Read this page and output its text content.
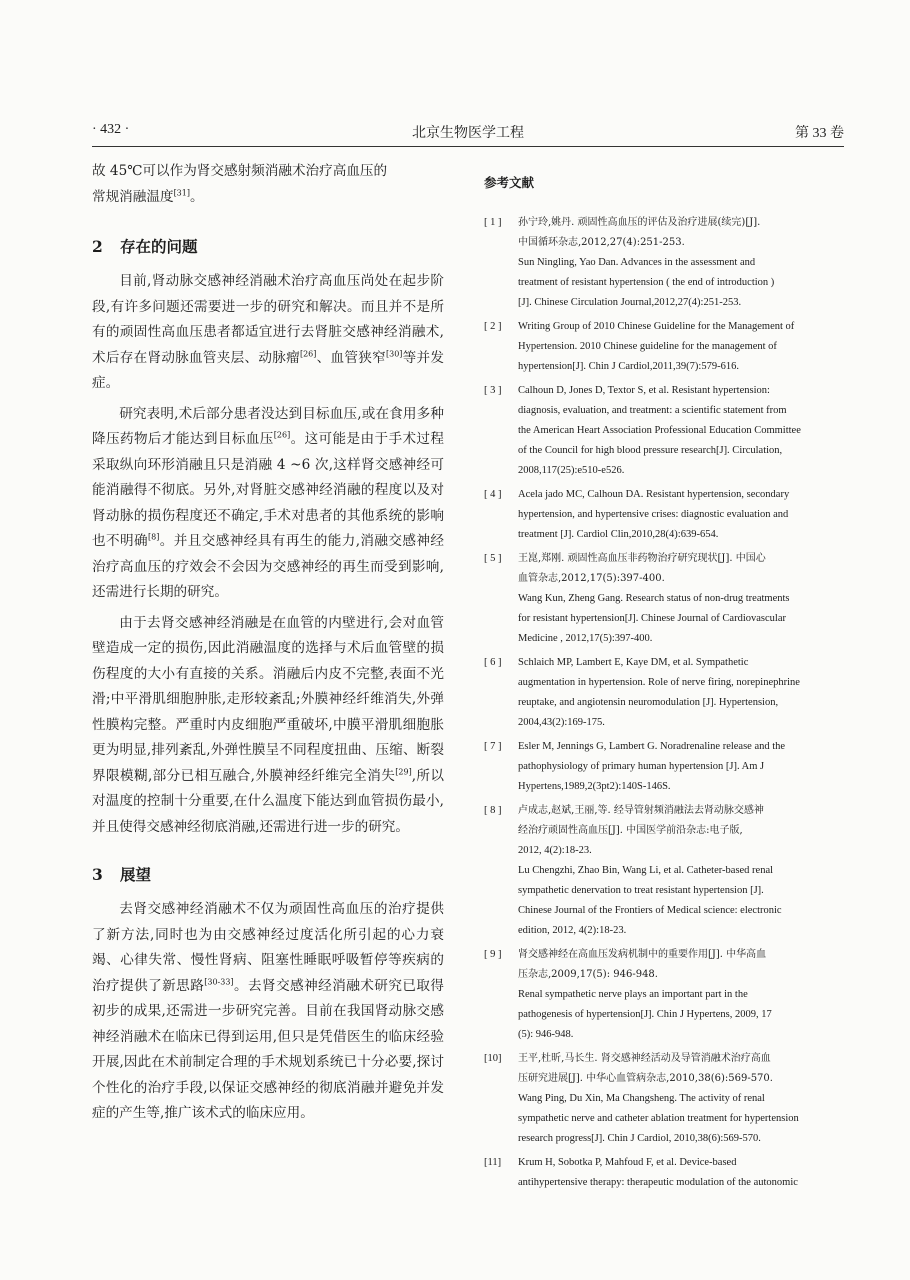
· 432 ·	北京生物医学工程	第 33 卷

故 45℃可以作为肾交感射频消融术治疗高血压的
常规消融温度[31]。

2 存在的问题

目前,肾动脉交感神经消融术治疗高血压尚处在起步阶段,有许多问题还需要进一步的研究和解决。而且并不是所有的顽固性高血压患者都适宜进行去肾脏交感神经消融术,术后存在肾动脉血管夹层、动脉瘤[26]、血管狭窄[30]等并发症。

研究表明,术后部分患者没达到目标血压,或在食用多种降压药物后才能达到目标血压[26]。这可能是由于手术过程采取纵向环形消融且只是消融 4 ~6 次,这样肾交感神经可能消融得不彻底。另外,对肾脏交感神经消融的程度以及对肾动脉的损伤程度还不确定,手术对患者的其他系统的影响也不明确[8]。并且交感神经具有再生的能力,消融交感神经治疗高血压的疗效会不会因为交感神经的再生而受到影响,还需进行长期的研究。

由于去肾交感神经消融是在血管的内壁进行,会对血管壁造成一定的损伤,因此消融温度的选择与术后血管壁的损伤程度的大小有直接的关系。消融后内皮不完整,表面不光滑;中平滑肌细胞肿胀,走形较紊乱;外膜神经纤维消失,外弹性膜构完整。严重时内皮细胞严重破坏,中膜平滑肌细胞胀更为明显,排列紊乱,外弹性膜呈不同程度扭曲、压缩、断裂界限模糊,部分已相互融合,外膜神经纤维完全消失[29],所以对温度的控制十分重要,在什么温度下能达到血管损伤最小,并且使得交感神经彻底消融,还需进行进一步的研究。

3 展望

去肾交感神经消融术不仅为顽固性高血压的治疗提供了新方法,同时也为由交感神经过度活化所引起的心力衰竭、心律失常、慢性肾病、阻塞性睡眠呼吸暂停等疾病的治疗提供了新思路[30-33]。去肾交感神经消融术研究已取得初步的成果,还需进一步研究完善。目前在我国肾动脉交感神经消融术在临床已得到运用,但只是凭借医生的临床经验开展,因此在术前制定合理的手术规划系统已十分必要,探讨个性化的治疗手段,以保证交感神经的彻底消融并避免并发症的产生等,推广该术式的临床应用。

参考文献
[ 1 ] 孙宁玲,姚丹. 顽固性高血压的评估及治疗进展(续完)[J].
中国循环杂志,2012,27(4):251-253.
Sun Ningling, Yao Dan. Advances in the assessment and
treatment of resistant hypertension ( the end of introduction )
[J]. Chinese Circulation Journal,2012,27(4):251-253.
[ 2 ] Writing Group of 2010 Chinese Guideline for the Management of
Hypertension. 2010 Chinese guideline for the management of
hypertension[J]. Chin J Cardiol,2011,39(7):579-616.
[ 3 ] Calhoun D, Jones D, Textor S, et al. Resistant hypertension:
diagnosis, evaluation, and treatment: a scientific statement from
the American Heart Association Professional Education Committee
of the Council for high blood pressure research[J]. Circulation,
2008,117(25):e510-e526.
[ 4 ] Acela jado MC, Calhoun DA. Resistant hypertension, secondary
hypertension, and hypertensive crises: diagnostic evaluation and
treatment [J]. Cardiol Clin,2010,28(4):639-654.
[ 5 ] 王崑,郑刚. 顽固性高血压非药物治疗研究现状[J]. 中国心
血管杂志,2012,17(5):397-400.
Wang Kun, Zheng Gang. Research status of non-drug treatments
for resistant hypertension[J]. Chinese Journal of Cardiovascular
Medicine , 2012,17(5):397-400.
[ 6 ] Schlaich MP, Lambert E, Kaye DM, et al. Sympathetic
augmentation in hypertension. Role of nerve firing, norepinephrine
reuptake, and angiotensin neuromodulation [J]. Hypertension,
2004,43(2):169-175.
[ 7 ] Esler M, Jennings G, Lambert G. Noradrenaline release and the
pathophysiology of primary human hypertension [J]. Am J
Hypertens,1989,2(3pt2):140S-146S.
[ 8 ] 卢成志,赵斌,王丽,等. 经导管射频消融法去肾动脉交感神
经治疗顽固性高血压[J]. 中国医学前沿杂志:电子版,
2012, 4(2):18-23.
Lu Chengzhi, Zhao Bin, Wang Li, et al. Catheter-based renal
sympathetic denervation to treat resistant hypertension [J].
Chinese Journal of the Frontiers of Medical science: electronic
edition, 2012, 4(2):18-23.
[ 9 ] 肾交感神经在高血压发病机制中的重要作用[J]. 中华高血
压杂志,2009,17(5): 946-948.
Renal sympathetic nerve plays an important part in the
pathogenesis of hypertension[J]. Chin J Hypertens, 2009, 17
(5): 946-948.
[10] 王平,杜昕,马长生. 肾交感神经活动及导管消融术治疗高血
压研究进展[J]. 中华心血管病杂志,2010,38(6):569-570.
Wang Ping, Du Xin, Ma Changsheng. The activity of renal
sympathetic nerve and catheter ablation treatment for hypertension
research progress[J]. Chin J Cardiol, 2010,38(6):569-570.
[11] Krum H, Sobotka P, Mahfoud F, et al. Device-based
antihypertensive therapy: therapeutic modulation of the autonomic
